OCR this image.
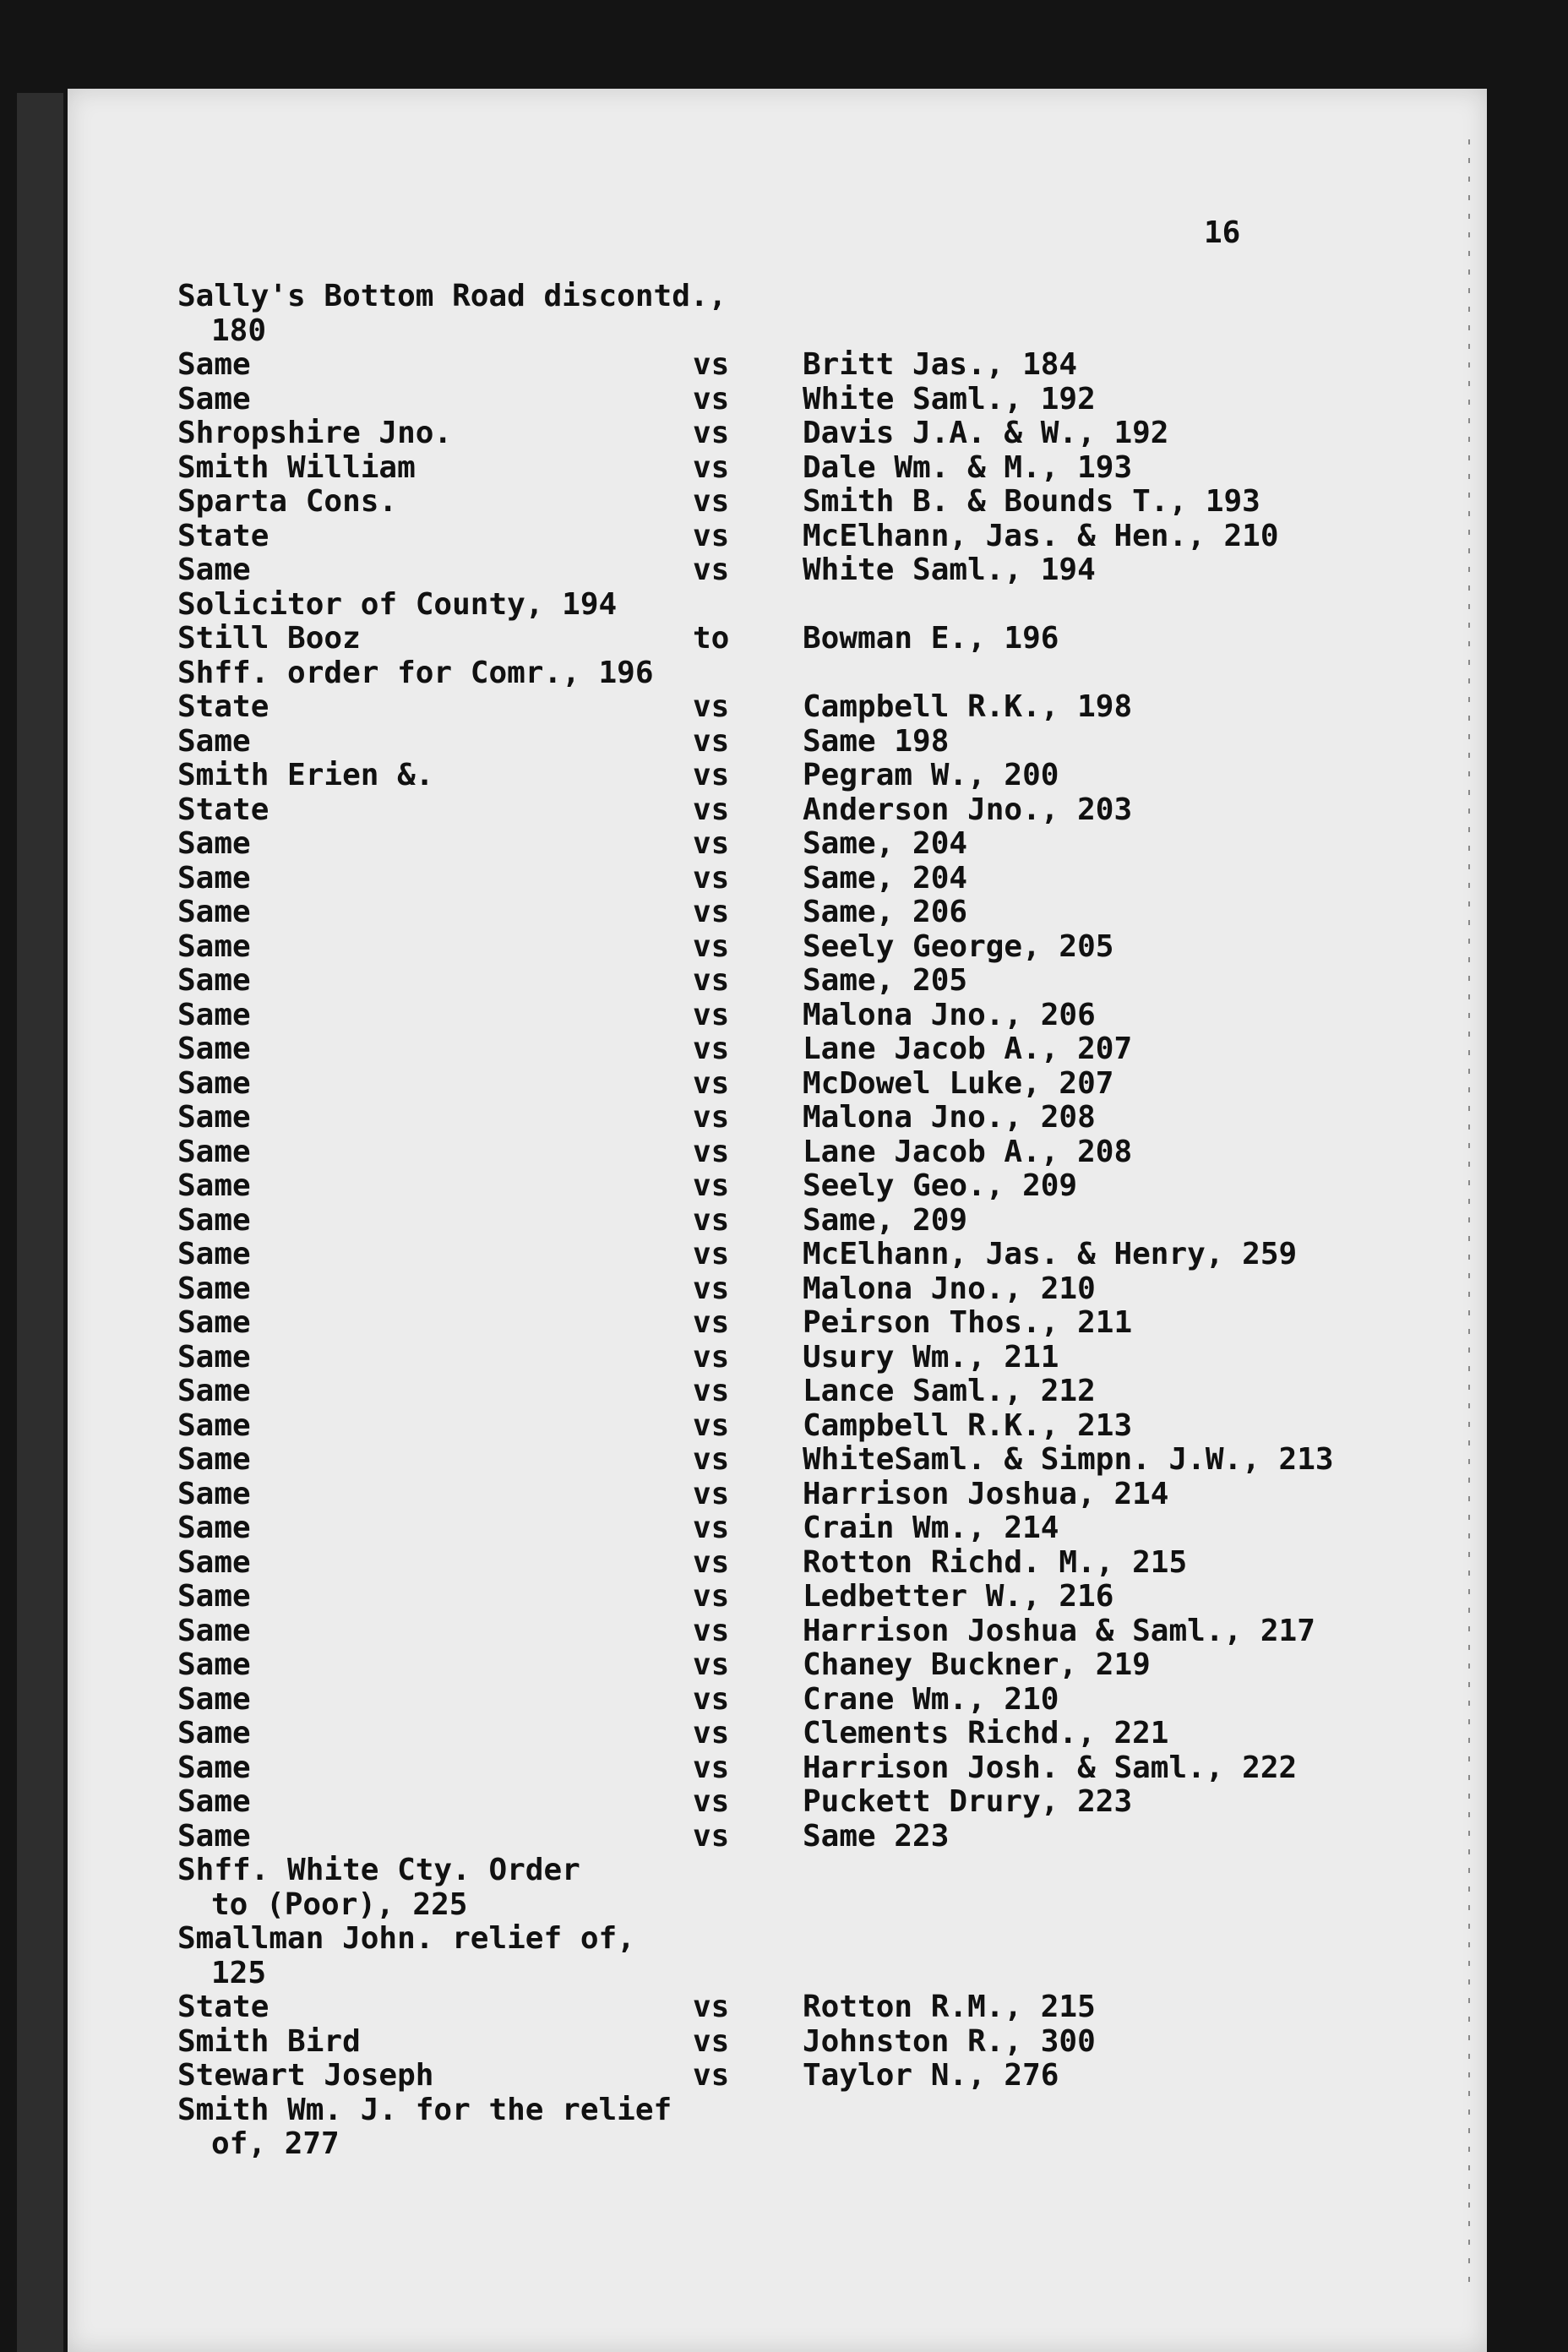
16
Sally's Bottom Road discontd.,
180
Same	vs Britt Jas., 184
Same	vs White Saml., 192
Shropshire Jno.	vs Davis J.A. & W., 192
Smith William	vs Dale Wm. & M., 193
Sparta Cons.	vs Smith B. & Bounds T., 193
State	vs McElhann, Jas. & Hen., 210
Same	vs White Saml., 194
Solicitor of County, 194
Still Booz	to Bowman E., 196
Shff. order for Comr., 196
State	vs Campbell R.K., 198
Same	vs Same 198
Smith Erien &.	vs Pegram W., 200
State	vs Anderson Jno., 203
Same	vs Same, 204
Same	vs Same, 204
Same	vs Same, 206
Same	vs Seely George, 205
Same	vs Same, 205
Same	vs Malona Jno., 206
Same	vs Lane Jacob A., 207
Same	vs McDowel Luke, 207
Same	vs Malona Jno., 208
Same	vs Lane Jacob A., 208
Same	vs Seely Geo., 209
Same	vs Same, 209
Same	vs McElhann, Jas. & Henry, 259
Same	vs Malona Jno., 210
Same	vs Peirson Thos., 211
Same	vs Usury Wm., 211
Same	vs Lance Saml., 212
Same	vs Campbell R.K., 213
Same	vs WhiteSaml. & Simpn. J.W., 213
Same	vs Harrison Joshua, 214
Same	vs Crain Wm., 214
Same	vs Rotton Richd. M., 215
Same	vs Ledbetter W., 216
Same	vs Harrison Joshua & Saml., 217
Same	vs Chaney Buckner, 219
Same	vs Crane Wm., 210
Same	vs Clements Richd., 221
Same	vs Harrison Josh. & Saml., 222
Same	vs Puckett Drury, 223
Same	vs Same 223
Shff. White Cty. Order
to (Poor), 225
Smallman John. relief of,
125
State	vs Rotton R.M., 215
Smith Bird	vs Johnston R., 300
Stewart Joseph	vs Taylor N., 276
Smith Wm. J. for the relief
of, 277
